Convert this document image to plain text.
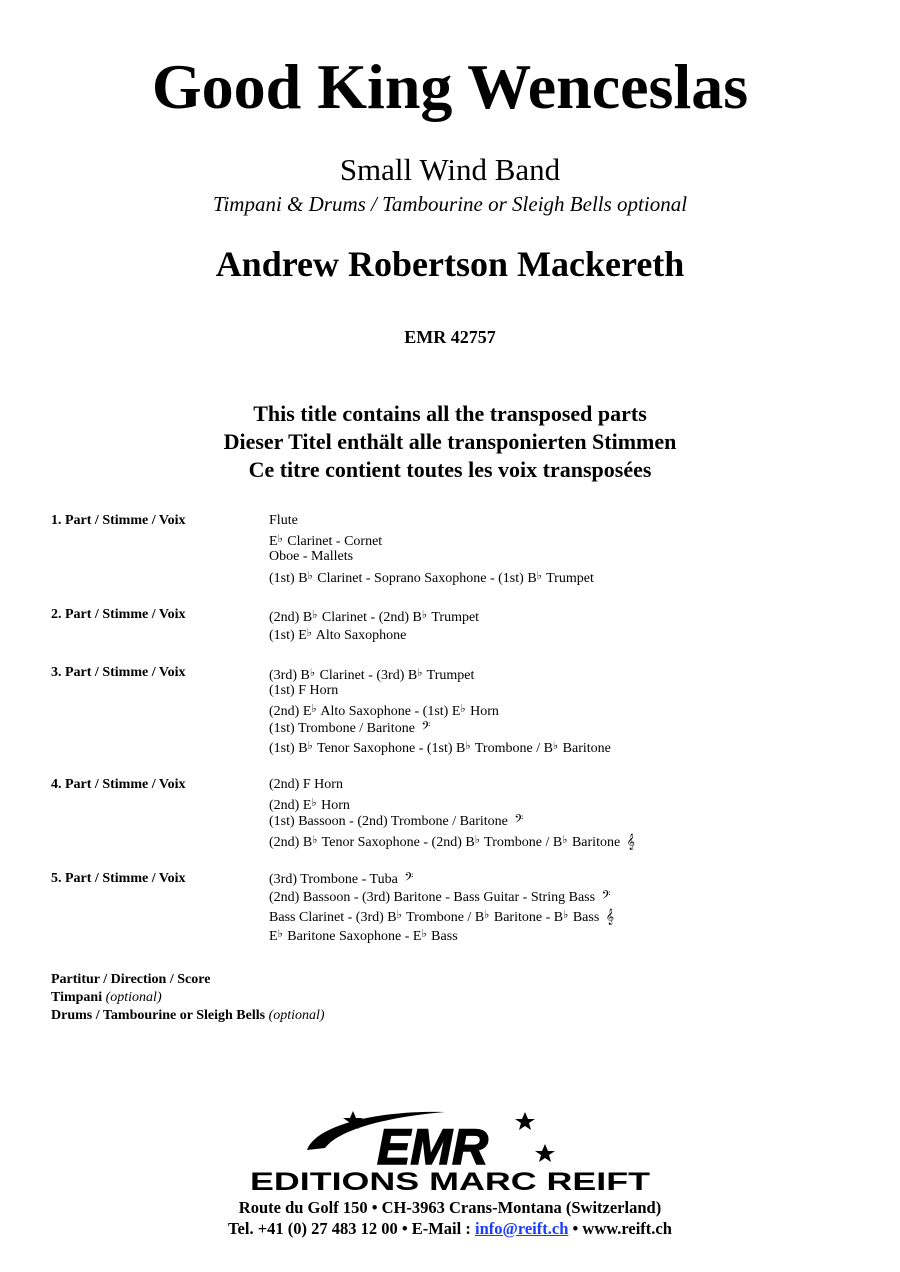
Good King Wenceslas
Small Wind Band
Timpani & Drums / Tambourine or Sleigh Bells optional
Andrew Robertson Mackereth
EMR 42757
This title contains all the transposed parts
Dieser Titel enthält alle transponierten Stimmen
Ce titre contient toutes les voix transposées
1. Part / Stimme / Voix	Flute
E♭ Clarinet - Cornet
Oboe - Mallets
(1st) B♭ Clarinet - Soprano Saxophone - (1st) B♭ Trumpet
2. Part / Stimme / Voix	(2nd) B♭ Clarinet - (2nd) B♭ Trumpet
(1st) E♭ Alto Saxophone
3. Part / Stimme / Voix	(3rd) B♭ Clarinet - (3rd) B♭ Trumpet
(1st) F Horn
(2nd) E♭ Alto Saxophone - (1st) E♭ Horn
(1st) Trombone / Baritone 𝄢
(1st) B♭ Tenor Saxophone - (1st) B♭ Trombone / B♭ Baritone
4. Part / Stimme / Voix	(2nd) F Horn
(2nd) E♭ Horn
(1st) Bassoon - (2nd) Trombone / Baritone 𝄢
(2nd) B♭ Tenor Saxophone - (2nd) B♭ Trombone / B♭ Baritone 𝄞
5. Part / Stimme / Voix	(3rd) Trombone - Tuba 𝄢
(2nd) Bassoon - (3rd) Baritone - Bass Guitar - String Bass 𝄢
Bass Clarinet - (3rd) B♭ Trombone / B♭ Baritone - B♭ Bass 𝄞
E♭ Baritone Saxophone - E♭ Bass
Partitur / Direction / Score
Timpani (optional)
Drums / Tambourine or Sleigh Bells (optional)
EMR
EDITIONS MARC REIFT
Route du Golf 150 • CH-3963 Crans-Montana (Switzerland)
Tel. +41 (0) 27 483 12 00 • E-Mail : info@reift.ch • www.reift.ch
